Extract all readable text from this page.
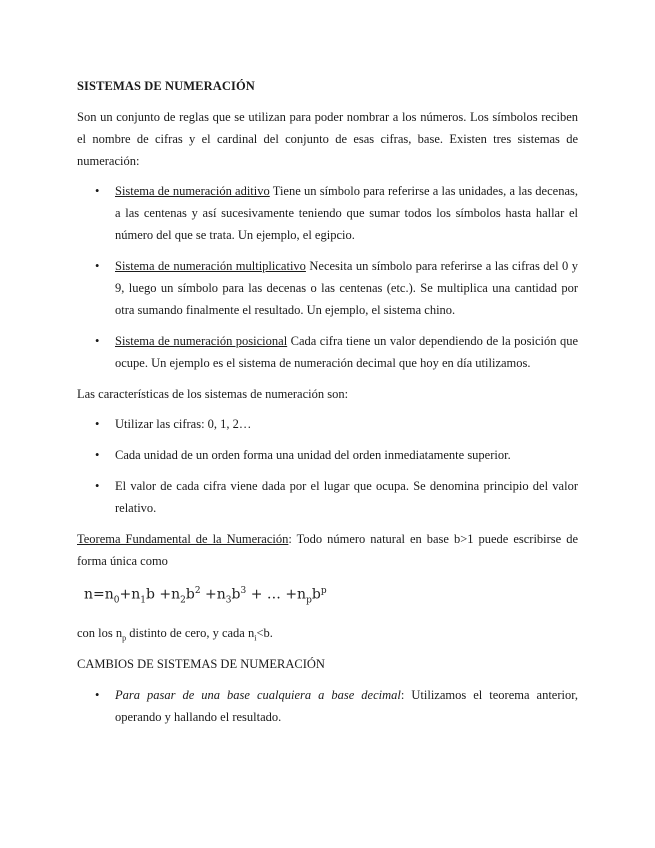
SISTEMAS DE NUMERACIÓN
Son un conjunto de reglas que se utilizan para poder nombrar a los números. Los símbolos reciben el nombre de cifras y el cardinal del conjunto de esas cifras, base. Existen tres sistemas de numeración:
• Sistema de numeración aditivo Tiene un símbolo para referirse a las unidades, a las decenas, a las centenas y así sucesivamente teniendo que sumar todos los símbolos hasta hallar el número del que se trata. Un ejemplo, el egipcio.
• Sistema de numeración multiplicativo Necesita un símbolo para referirse a las cifras del 0 y 9, luego un símbolo para las decenas o las centenas (etc.). Se multiplica una cantidad por otra sumando finalmente el resultado. Un ejemplo, el sistema chino.
• Sistema de numeración posicional Cada cifra tiene un valor dependiendo de la posición que ocupe. Un ejemplo es el sistema de numeración decimal que hoy en día utilizamos.
Las características de los sistemas de numeración son:
• Utilizar las cifras: 0, 1, 2…
• Cada unidad de un orden forma una unidad del orden inmediatamente superior.
• El valor de cada cifra viene dada por el lugar que ocupa. Se denomina principio del valor relativo.
Teorema Fundamental de la Numeración: Todo número natural en base b>1 puede escribirse de forma única como
$n=n_0+n_1b +n_2b^2 +n_3b^3$ + … $+n_pb^p$
con los $n_p$ distinto de cero, y cada $n_i<b$.
CAMBIOS DE SISTEMAS DE NUMERACIÓN
• Para pasar de una base cualquiera a base decimal: Utilizamos el teorema anterior, operando y hallando el resultado.
